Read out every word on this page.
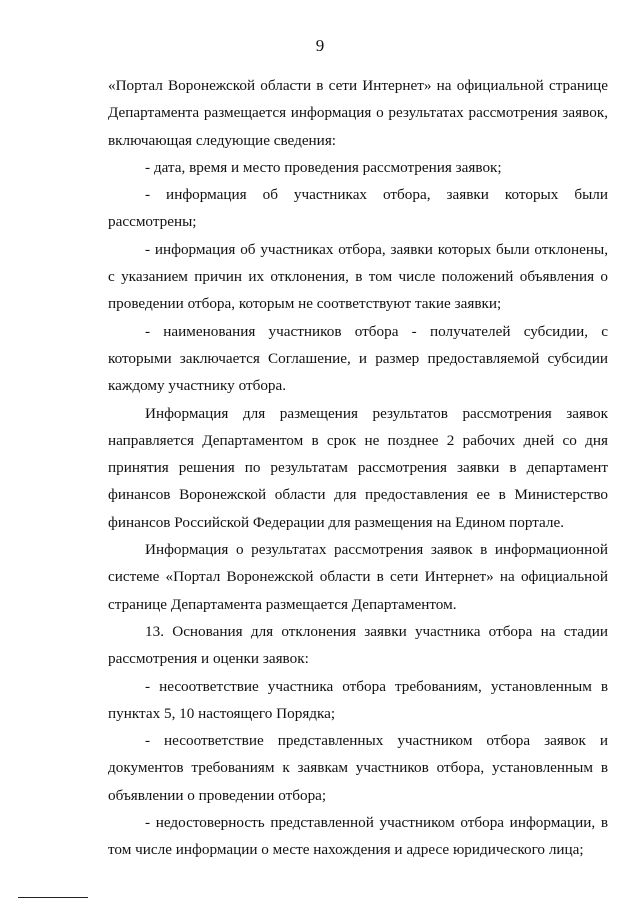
9

«Портал Воронежской области в сети Интернет» на официальной странице Департамента размещается информация о результатах рассмотрения заявок, включающая следующие сведения:

- дата, время и место проведения рассмотрения заявок;

- информация об участниках отбора, заявки которых были рассмотрены;

- информация об участниках отбора, заявки которых были отклонены, с указанием причин их отклонения, в том числе положений объявления о проведении отбора, которым не соответствуют такие заявки;

- наименования участников отбора - получателей субсидии, с которыми заключается Соглашение, и размер предоставляемой субсидии каждому участнику отбора.

Информация для размещения результатов рассмотрения заявок направляется Департаментом в срок не позднее 2 рабочих дней со дня принятия решения по результатам рассмотрения заявки в департамент финансов Воронежской области для предоставления ее в Министерство финансов Российской Федерации для размещения на Едином портале.

Информация о результатах рассмотрения заявок в информационной системе «Портал Воронежской области в сети Интернет» на официальной странице Департамента размещается Департаментом.

13. Основания для отклонения заявки участника отбора на стадии рассмотрения и оценки заявок:

- несоответствие участника отбора требованиям, установленным в пунктах 5, 10 настоящего Порядка;

- несоответствие представленных участником отбора заявок и документов требованиям к заявкам участников отбора, установленным в объявлении о проведении отбора;

- недостоверность представленной участником отбора информации, в том числе информации о месте нахождения и адресе юридического лица;
